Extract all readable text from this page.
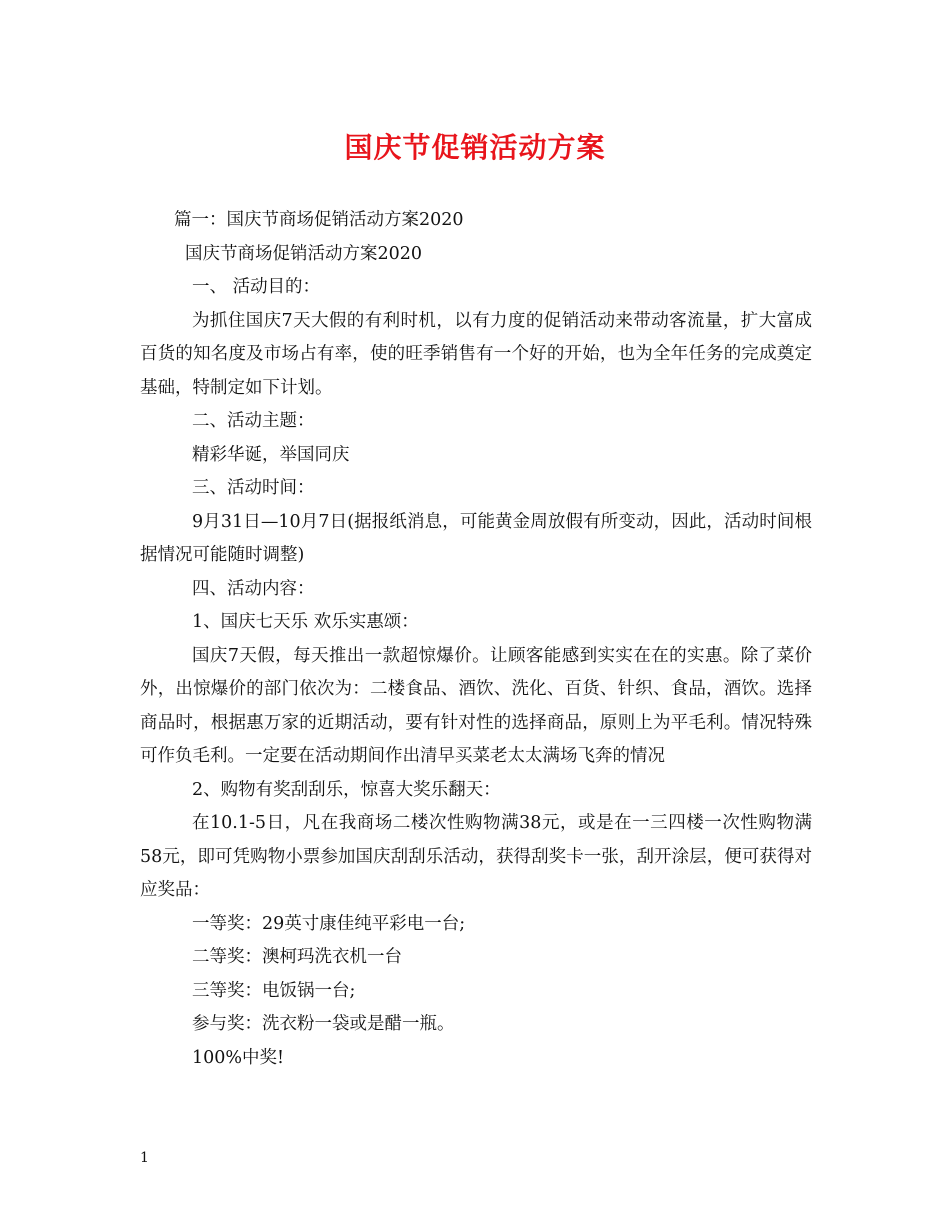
国庆节促销活动方案

篇一：国庆节商场促销活动方案2020

国庆节商场促销活动方案2020

一、 活动目的：

为抓住国庆7天大假的有利时机，以有力度的促销活动来带动客流量，扩大富成百货的知名度及市场占有率，使的旺季销售有一个好的开始，也为全年任务的完成奠定基础，特制定如下计划。

二、活动主题：

精彩华诞，举国同庆

三、活动时间：

9月31日—10月7日(据报纸消息，可能黄金周放假有所变动，因此，活动时间根据情况可能随时调整)

四、活动内容：

1、国庆七天乐 欢乐实惠颂：

国庆7天假，每天推出一款超惊爆价。让顾客能感到实实在在的实惠。除了菜价外，出惊爆价的部门依次为：二楼食品、酒饮、洗化、百货、针织、食品，酒饮。选择商品时，根据惠万家的近期活动，要有针对性的选择商品，原则上为平毛利。情况特殊可作负毛利。一定要在活动期间作出清早买菜老太太满场飞奔的情况

2、购物有奖刮刮乐，惊喜大奖乐翻天：

在10.1-5日，凡在我商场二楼次性购物满38元，或是在一三四楼一次性购物满58元，即可凭购物小票参加国庆刮刮乐活动，获得刮奖卡一张，刮开涂层，便可获得对应奖品：

一等奖：29英寸康佳纯平彩电一台;

二等奖：澳柯玛洗衣机一台

三等奖：电饭锅一台;

参与奖：洗衣粉一袋或是醋一瓶。

100%中奖!

1
